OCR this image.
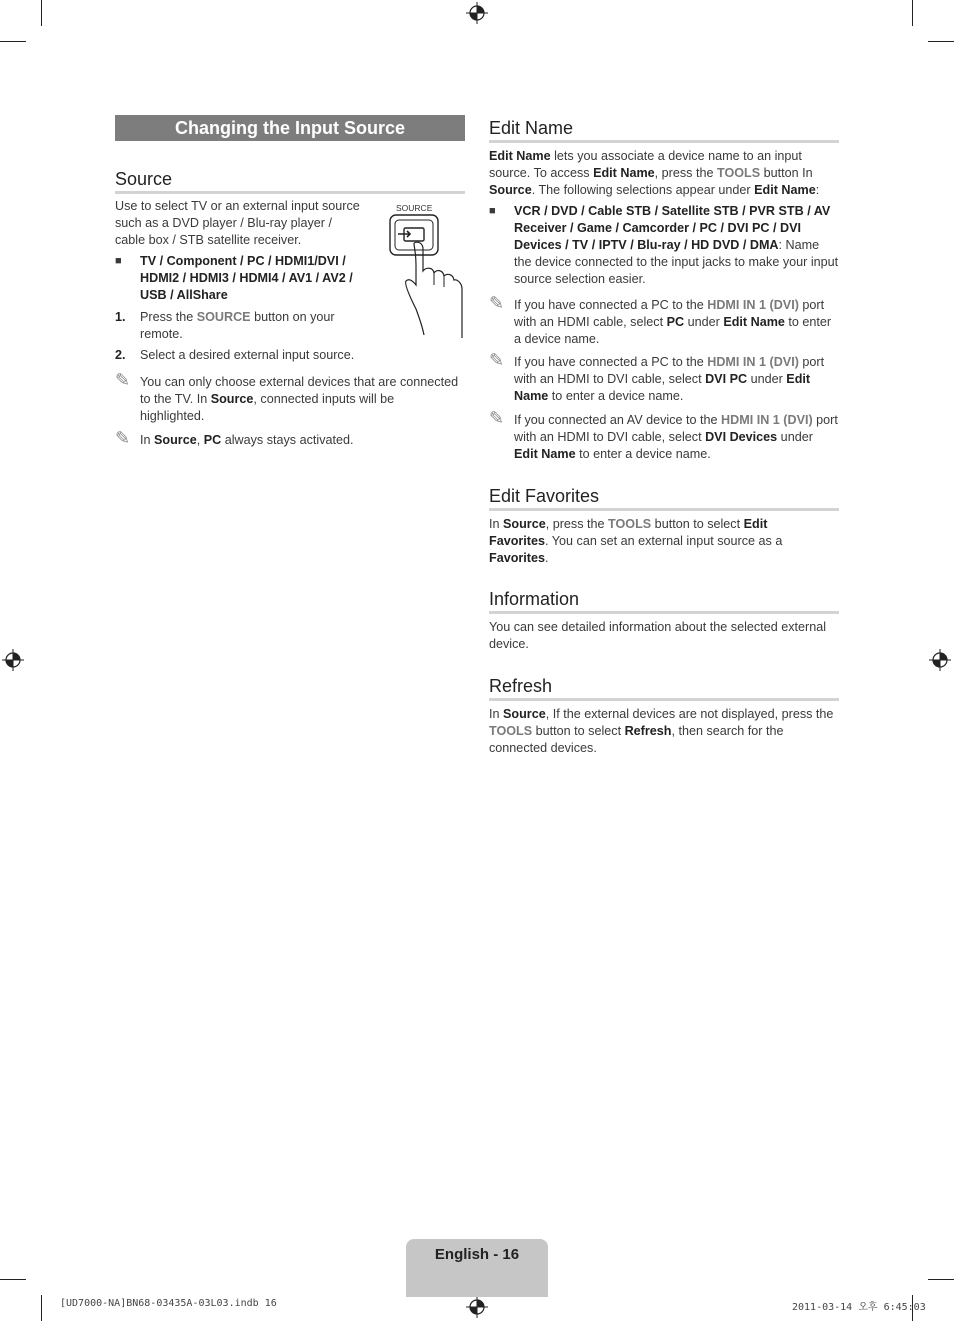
Changing the Input Source
Source

Use to select TV or an external input source such as a DVD player / Blu-ray player / cable box / STB satellite receiver.

SOURCE
■ TV / Component / PC / HDMI1/DVI / HDMI2 / HDMI3 / HDMI4 / AV1 / AV2 / USB / AllShare
1. Press the SOURCE button on your remote.
2. Select a desired external input source.
✎ You can only choose external devices that are connected to the TV. In Source, connected inputs will be highlighted.
✎ In Source, PC always stays activated.
Edit Name

Edit Name lets you associate a device name to an input source. To access Edit Name, press the TOOLS button In Source. The following selections appear under Edit Name:

■ VCR / DVD / Cable STB / Satellite STB / PVR STB / AV Receiver / Game / Camcorder / PC / DVI PC / DVI Devices / TV / IPTV / Blu-ray / HD DVD / DMA: Name the device connected to the input jacks to make your input source selection easier.
✎ If you have connected a PC to the HDMI IN 1 (DVI) port with an HDMI cable, select PC under Edit Name to enter a device name.
✎ If you have connected a PC to the HDMI IN 1 (DVI) port with an HDMI to DVI cable, select DVI PC under Edit Name to enter a device name.
✎ If you connected an AV device to the HDMI IN 1 (DVI) port with an HDMI to DVI cable, select DVI Devices under Edit Name to enter a device name.
Edit Favorites

In Source, press the TOOLS button to select Edit Favorites. You can set an external input source as a Favorites.

Information

You can see detailed information about the selected external device.

Refresh

In Source, If the external devices are not displayed, press the TOOLS button to select Refresh, then search for the connected devices.

English - 16
[UD7000-NA]BN68-03435A-03L03.indb 16	2011-03-14 오후 6:45:03
